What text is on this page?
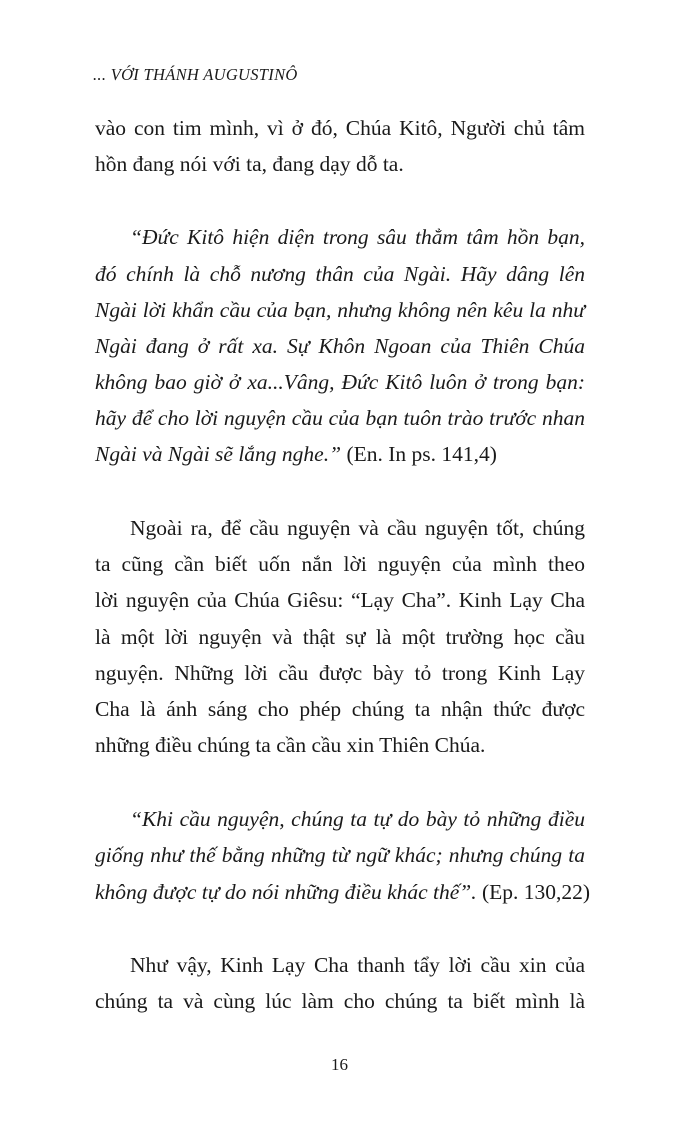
... VỚI THÁNH AUGUSTINÔ
vào con tim mình, vì ở đó, Chúa Kitô, Người chủ tâm
hồn đang nói với ta, đang dạy dỗ ta.
“Đức Kitô hiện diện trong sâu thẳm tâm hồn bạn,
đó chính là chỗ nương thân của Ngài. Hãy dâng lên
Ngài lời khẩn cầu của bạn, nhưng không nên kêu la như
Ngài đang ở rất xa. Sự Khôn Ngoan của Thiên Chúa
không bao giờ ở xa...Vâng, Đức Kitô luôn ở trong bạn:
hãy để cho lời nguyện cầu của bạn tuôn trào trước nhan
Ngài và Ngài sẽ lắng nghe.” (En. In ps. 141,4)
Ngoài ra, để cầu nguyện và cầu nguyện tốt, chúng
ta cũng cần biết uốn nắn lời nguyện của mình theo
lời nguyện của Chúa Giêsu: “Lạy Cha”. Kinh Lạy Cha
là một lời nguyện và thật sự là một trường học cầu
nguyện. Những lời cầu được bày tỏ trong Kinh Lạy
Cha là ánh sáng cho phép chúng ta nhận thức được
những điều chúng ta cần cầu xin Thiên Chúa.
“Khi cầu nguyện, chúng ta tự do bày tỏ những điều
giống như thế bằng những từ ngữ khác; nhưng chúng ta
không được tự do nói những điều khác thế”. (Ep. 130,22)
Như vậy, Kinh Lạy Cha thanh tẩy lời cầu xin của
chúng ta và cùng lúc làm cho chúng ta biết mình là
16
